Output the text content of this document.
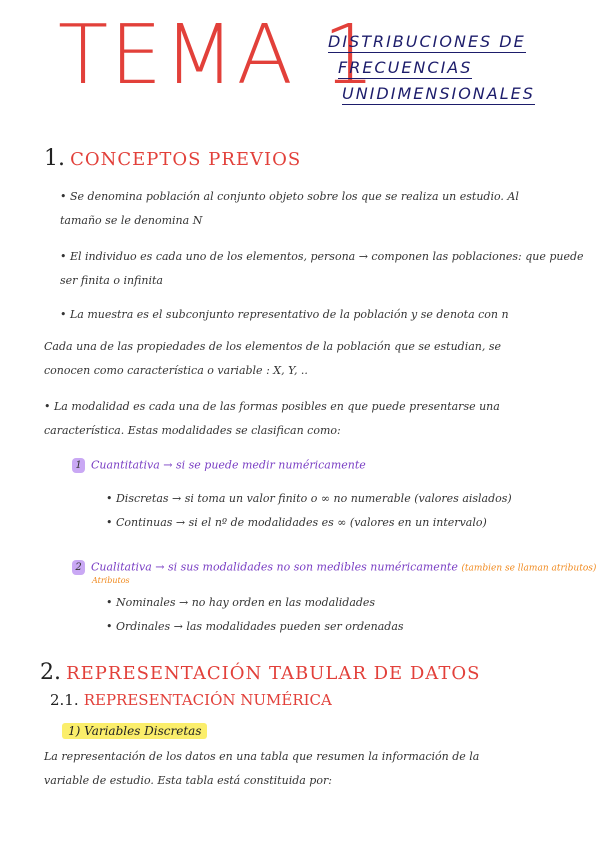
TEMA 1
DISTRIBUCIONES DE
FRECUENCIAS
UNIDIMENSIONALES
1. CONCEPTOS PREVIOS
• Se denomina población al conjunto objeto sobre los que se realiza un estudio. Al
tamaño se le denomina N
• El individuo es cada uno de los elementos, persona → componen las poblaciones: que puede
ser finita o infinita
• La muestra es el subconjunto representativo de la población y se denota con n
Cada una de las propiedades de los elementos de la población que se estudian, se
conocen como característica o variable : X, Y, ..
• La modalidad es cada una de las formas posibles en que puede presentarse una
característica. Estas modalidades se clasifican como:
1 Cuantitativa → si se puede medir numéricamente
• Discretas → si toma un valor finito o ∞ no numerable (valores aislados)
• Continuas → si el nº de modalidades es ∞ (valores en un intervalo)
2 Cualitativa → si sus modalidades no son medibles numéricamente (tambien se llaman atributos)
Atributos
• Nominales → no hay orden en las modalidades
• Ordinales → las modalidades pueden ser ordenadas
2. REPRESENTACIÓN TABULAR DE DATOS
2.1. REPRESENTACIÓN NUMÉRICA
1) Variables Discretas
La representación de los datos en una tabla que resumen la información de la
variable de estudio. Esta tabla está constituida por:
